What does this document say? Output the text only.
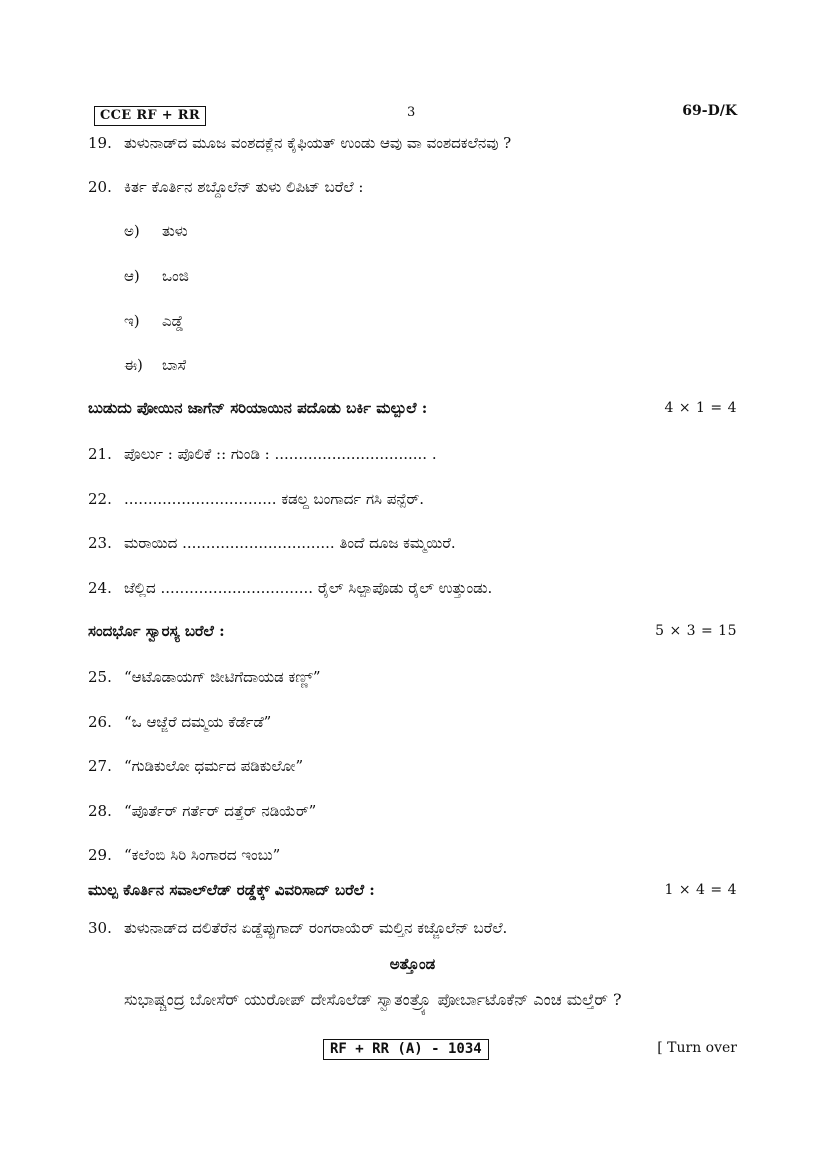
CCE RF + RR	3	69-D/K
19. ತುಳುನಾಡ್‌ದ ಮೂಜ ವಂಶದಕ್ಲೆನ ಕೈಫಿಯತ್ ಉಂಡು ಆವು ವಾ ವಂಶದಕಲೆನವು ?
20. ಕಿರ್ತ ಕೊರ್ತಿನ ಶಬ್ದೊಲೆನ್ ತುಳು ಲಿಪಿಟ್ ಬರೆಲೆ :
ಅ) ತುಳು
ಆ) ಒಂಜಿ
ಇ) ಎಡ್ಡೆ
ಈ) ಬಾಸೆ
ಬುಡುದು ಪೋಯಿನ ಜಾಗೆನ್ ಸರಿಯಾಯಿನ ಪದೊಡು ಬರ್ಕಿ ಮಲ್ಪುಲೆ :	4 × 1 = 4
21. ಪೊರ್ಲು : ಪೊಲಿಕೆ :: ಗುಂಡಿ : ................................ .
22. ................................ ಕಡಲ್ದ ಬಂಗಾರ್ದ ಗಸಿ ಪನ್ಪೆರ್.
23. ಮರಾಯಿದ ................................ ತಿಂದೆ ದೂಜ ಕಮ್ಮಯಿರೆ.
24. ಜೆಲ್ಲಿದ ................................ ರೈಲ್ ಸಿಲ್ಪಾಪೊಡು ರೈಲ್ ಉತ್ತುಂಡು.
ಸಂದರ್ಭೊ ಸ್ವಾರಸ್ಯ ಬರೆಲೆ :	5 × 3 = 15
25. “ಆಟೊಡಾಯಗ್ ಜೀಟಿಗೆದಾಯಡ ಕಣ್ಣ್”
26. “ಒ ಆಜ್ಜೆರೆ ದಮ್ಮಯ ಕೆರ್ಡೆಡೆ”
27. “ಗುಡಿಕುಲೋ ಧರ್ಮದ ಪಡಿಕುಲೋ”
28. “ಪೊರ್ತೆರ್ ಗರ್ತೆರ್ ದತ್ತೆರ್ ನಡಿಯೆರ್”
29. “ಕಲೆಂಬಿ ಸಿರಿ ಸಿಂಗಾರದ ಇಂಬು”
ಮುಲ್ಪ ಕೊರ್ತಿನ ಸವಾಲ್‌ಲೆಡ್ ರಡ್ಡೆಕ್ಕ್ ವಿವರಿಸಾದ್ ಬರೆಲೆ :	1 × 4 = 4
30. ತುಳುನಾಡ್‌ದ ದಲಿತೆರೆನ ಏಡ್ದೆಪ್ಪುಗಾದ್ ರಂಗರಾಯೆರ್ ಮಲ್ತಿನ ಕಜ್ಜೊಲೆನ್ ಬರೆಲೆ.
ಅತ್ತೊಂಡ
ಸುಭಾಷ್ಚಂದ್ರ ಬೋಸೆರ್ ಯುರೋಪ್ ದೇಸೊಲೆಡ್ ಸ್ವಾತಂತ್ರ್ಯೊ ಪೋರ್ಬಾಟೊಕೆನ್ ಎಂಚ ಮಲ್ತೆರ್ ?
RF + RR (A) - 1034	[ Turn over
